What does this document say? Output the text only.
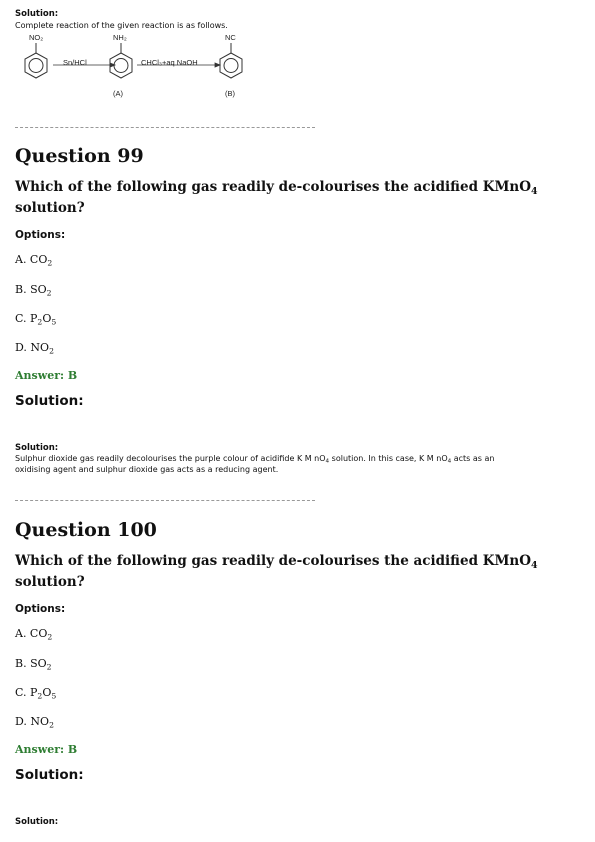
Solution:
Complete reaction of the given reaction is as follows.
NO₂	NH₂	NC
Sn/HCl	CHCl₃+aq NaOH
(A)	(B)
Question 99
Which of the following gas readily de-colourises the acidified KMnO$_4$
solution?
Options:
A. $CO_2$
B. $SO_2$
C. $P_2O_5$
D. $NO_2$
Answer: B
Solution:
Solution:
Sulphur dioxide gas readily decolourises the purple colour of acidifide K M $nO_4$ solution. In this case, K M $nO_4$ acts as an
oxidising agent and sulphur dioxide gas acts as a reducing agent.
Question 100
Which of the following gas readily de-colourises the acidified KMnO$_4$
solution?
Options:
A. $CO_2$
B. $SO_2$
C. $P_2O_5$
D. $NO_2$
Answer: B
Solution:
Solution:
